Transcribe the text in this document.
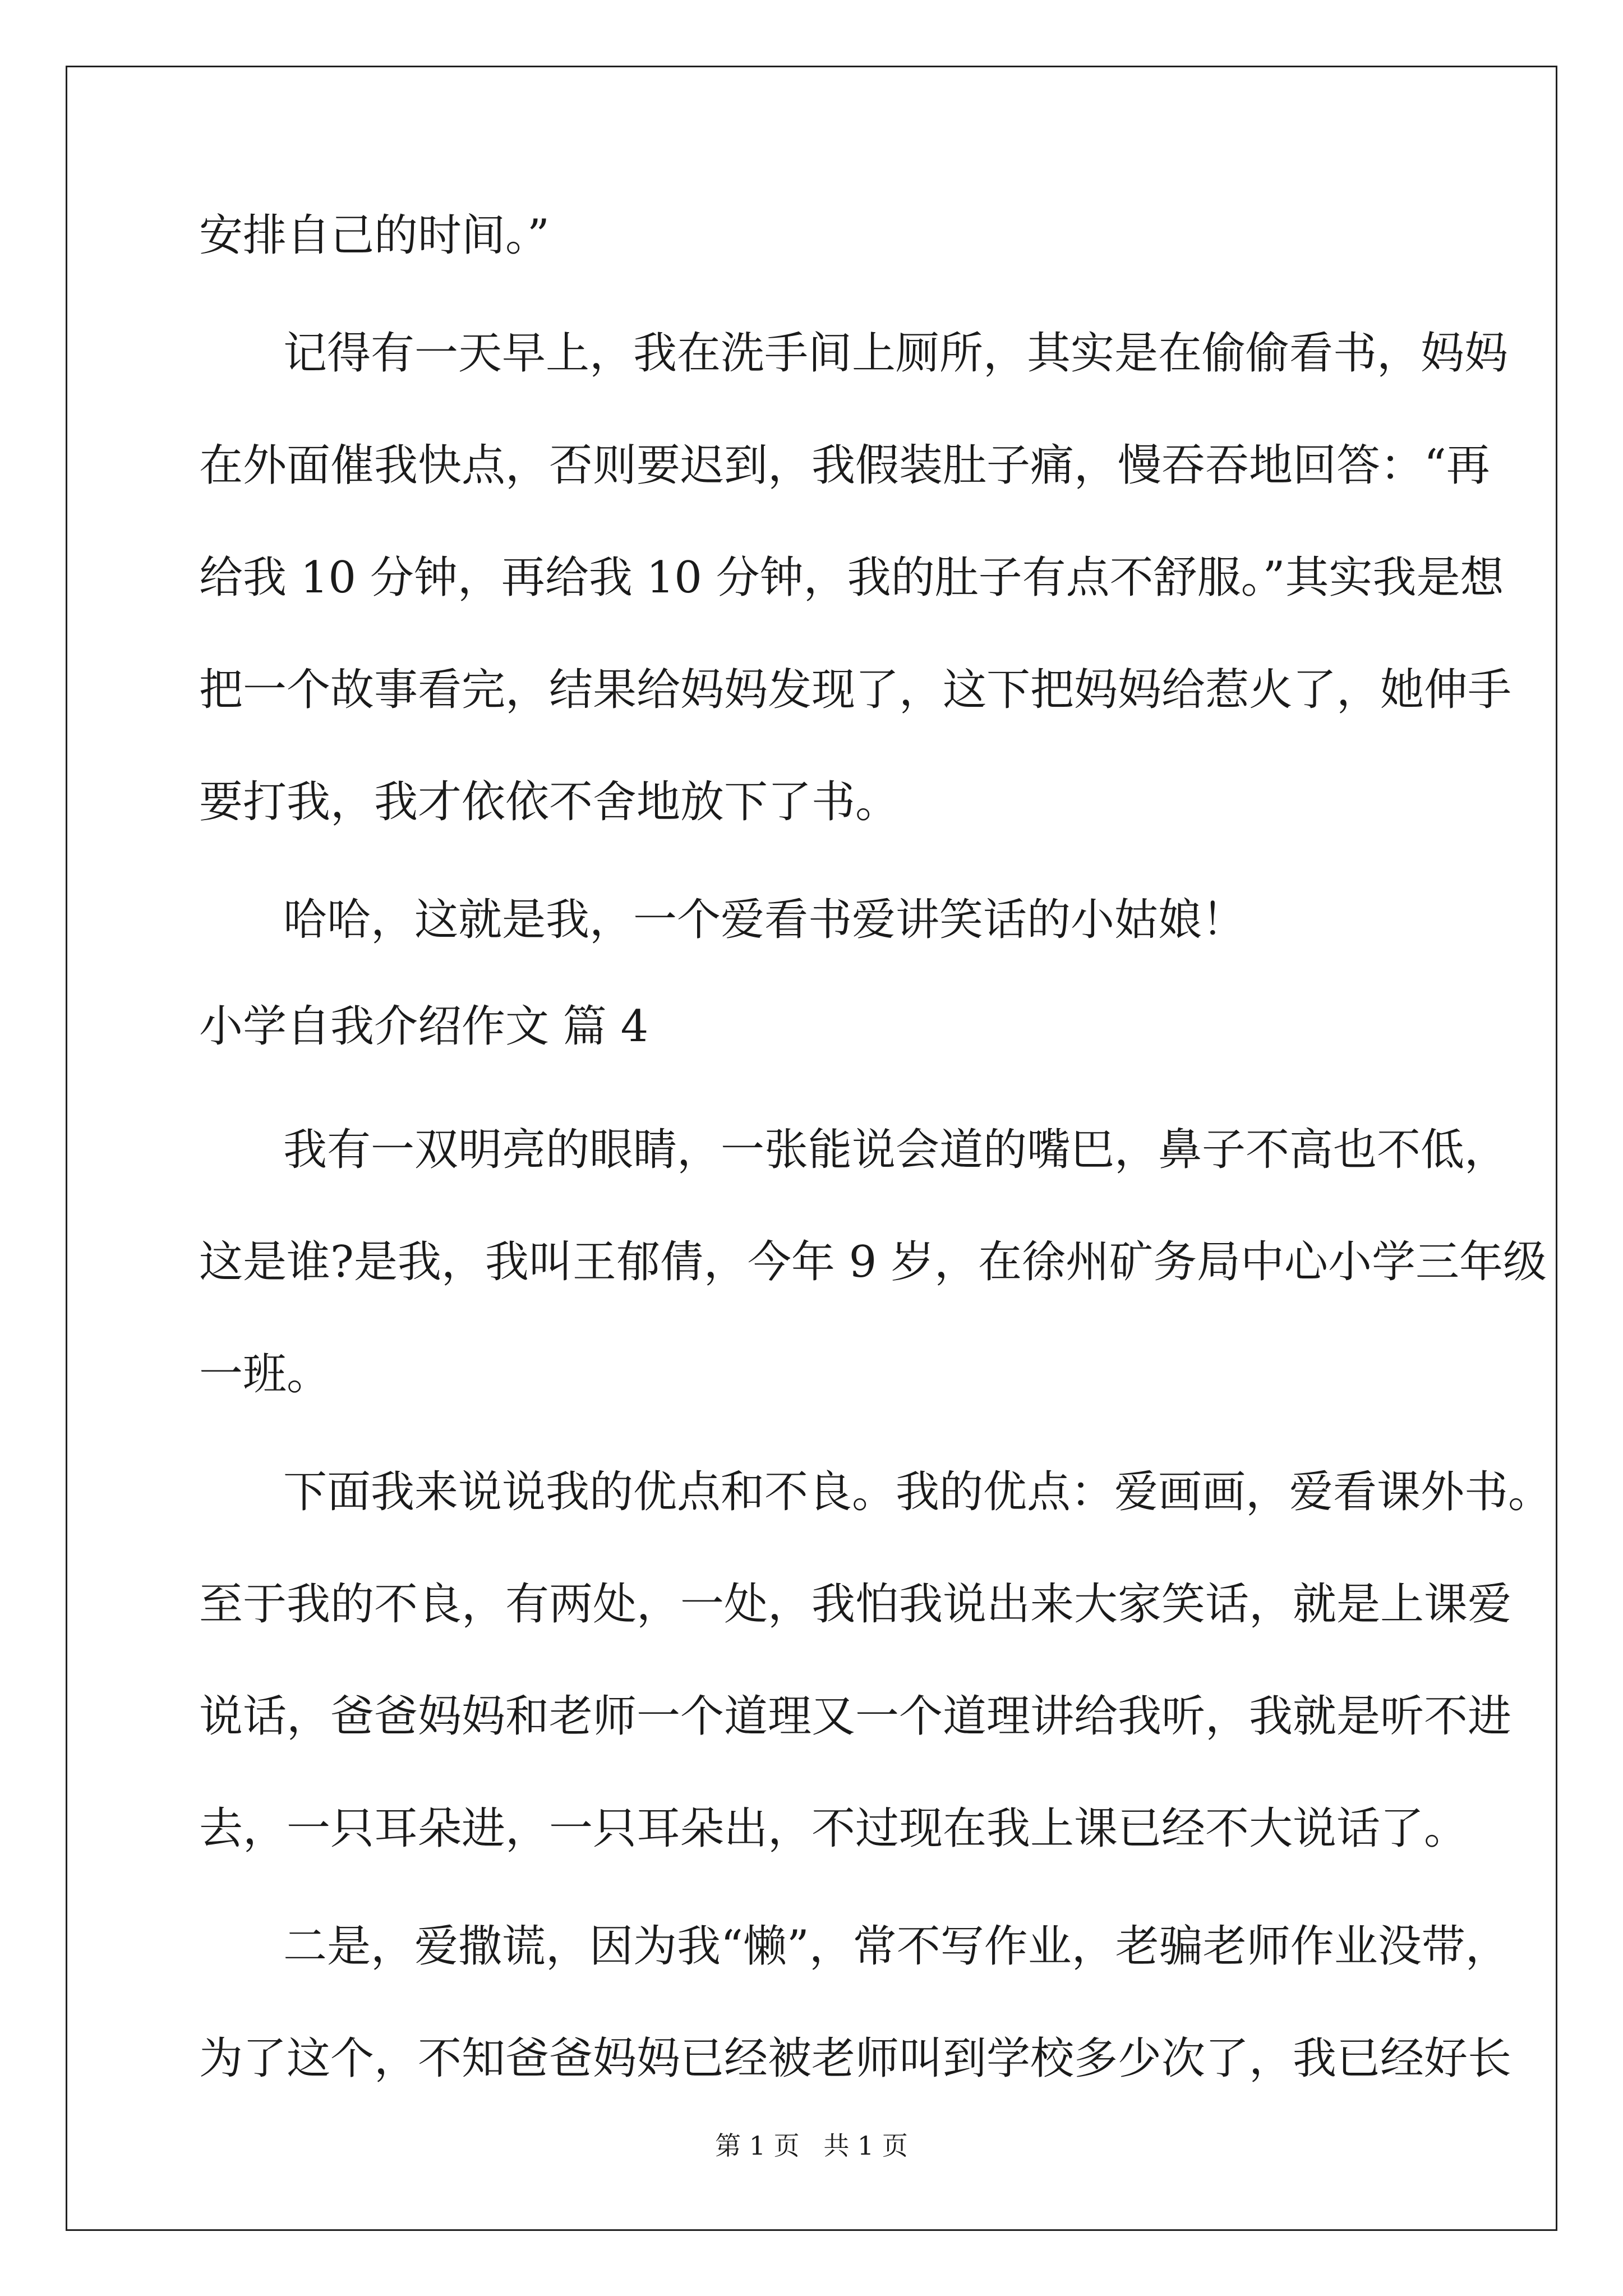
安排自己的时间。”
记得有一天早上，我在洗手间上厕所，其实是在偷偷看书，妈妈
在外面催我快点，否则要迟到，我假装肚子痛，慢吞吞地回答：“再
给我 10 分钟，再给我 10 分钟，我的肚子有点不舒服。”其实我是想
把一个故事看完，结果给妈妈发现了，这下把妈妈给惹火了，她伸手
要打我，我才依依不舍地放下了书。
哈哈，这就是我，一个爱看书爱讲笑话的小姑娘！
小学自我介绍作文 篇 4
我有一双明亮的眼睛，一张能说会道的嘴巴，鼻子不高也不低，
这是谁?是我，我叫王郁倩，今年 9 岁，在徐州矿务局中心小学三年级
一班。
下面我来说说我的优点和不良。我的优点：爱画画，爱看课外书。
至于我的不良，有两处，一处，我怕我说出来大家笑话，就是上课爱
说话，爸爸妈妈和老师一个道理又一个道理讲给我听，我就是听不进
去，一只耳朵进，一只耳朵出，不过现在我上课已经不大说话了。
二是，爱撒谎，因为我“懒”，常不写作业，老骗老师作业没带，
为了这个，不知爸爸妈妈已经被老师叫到学校多少次了，我已经好长
第 1 页 共 1 页
